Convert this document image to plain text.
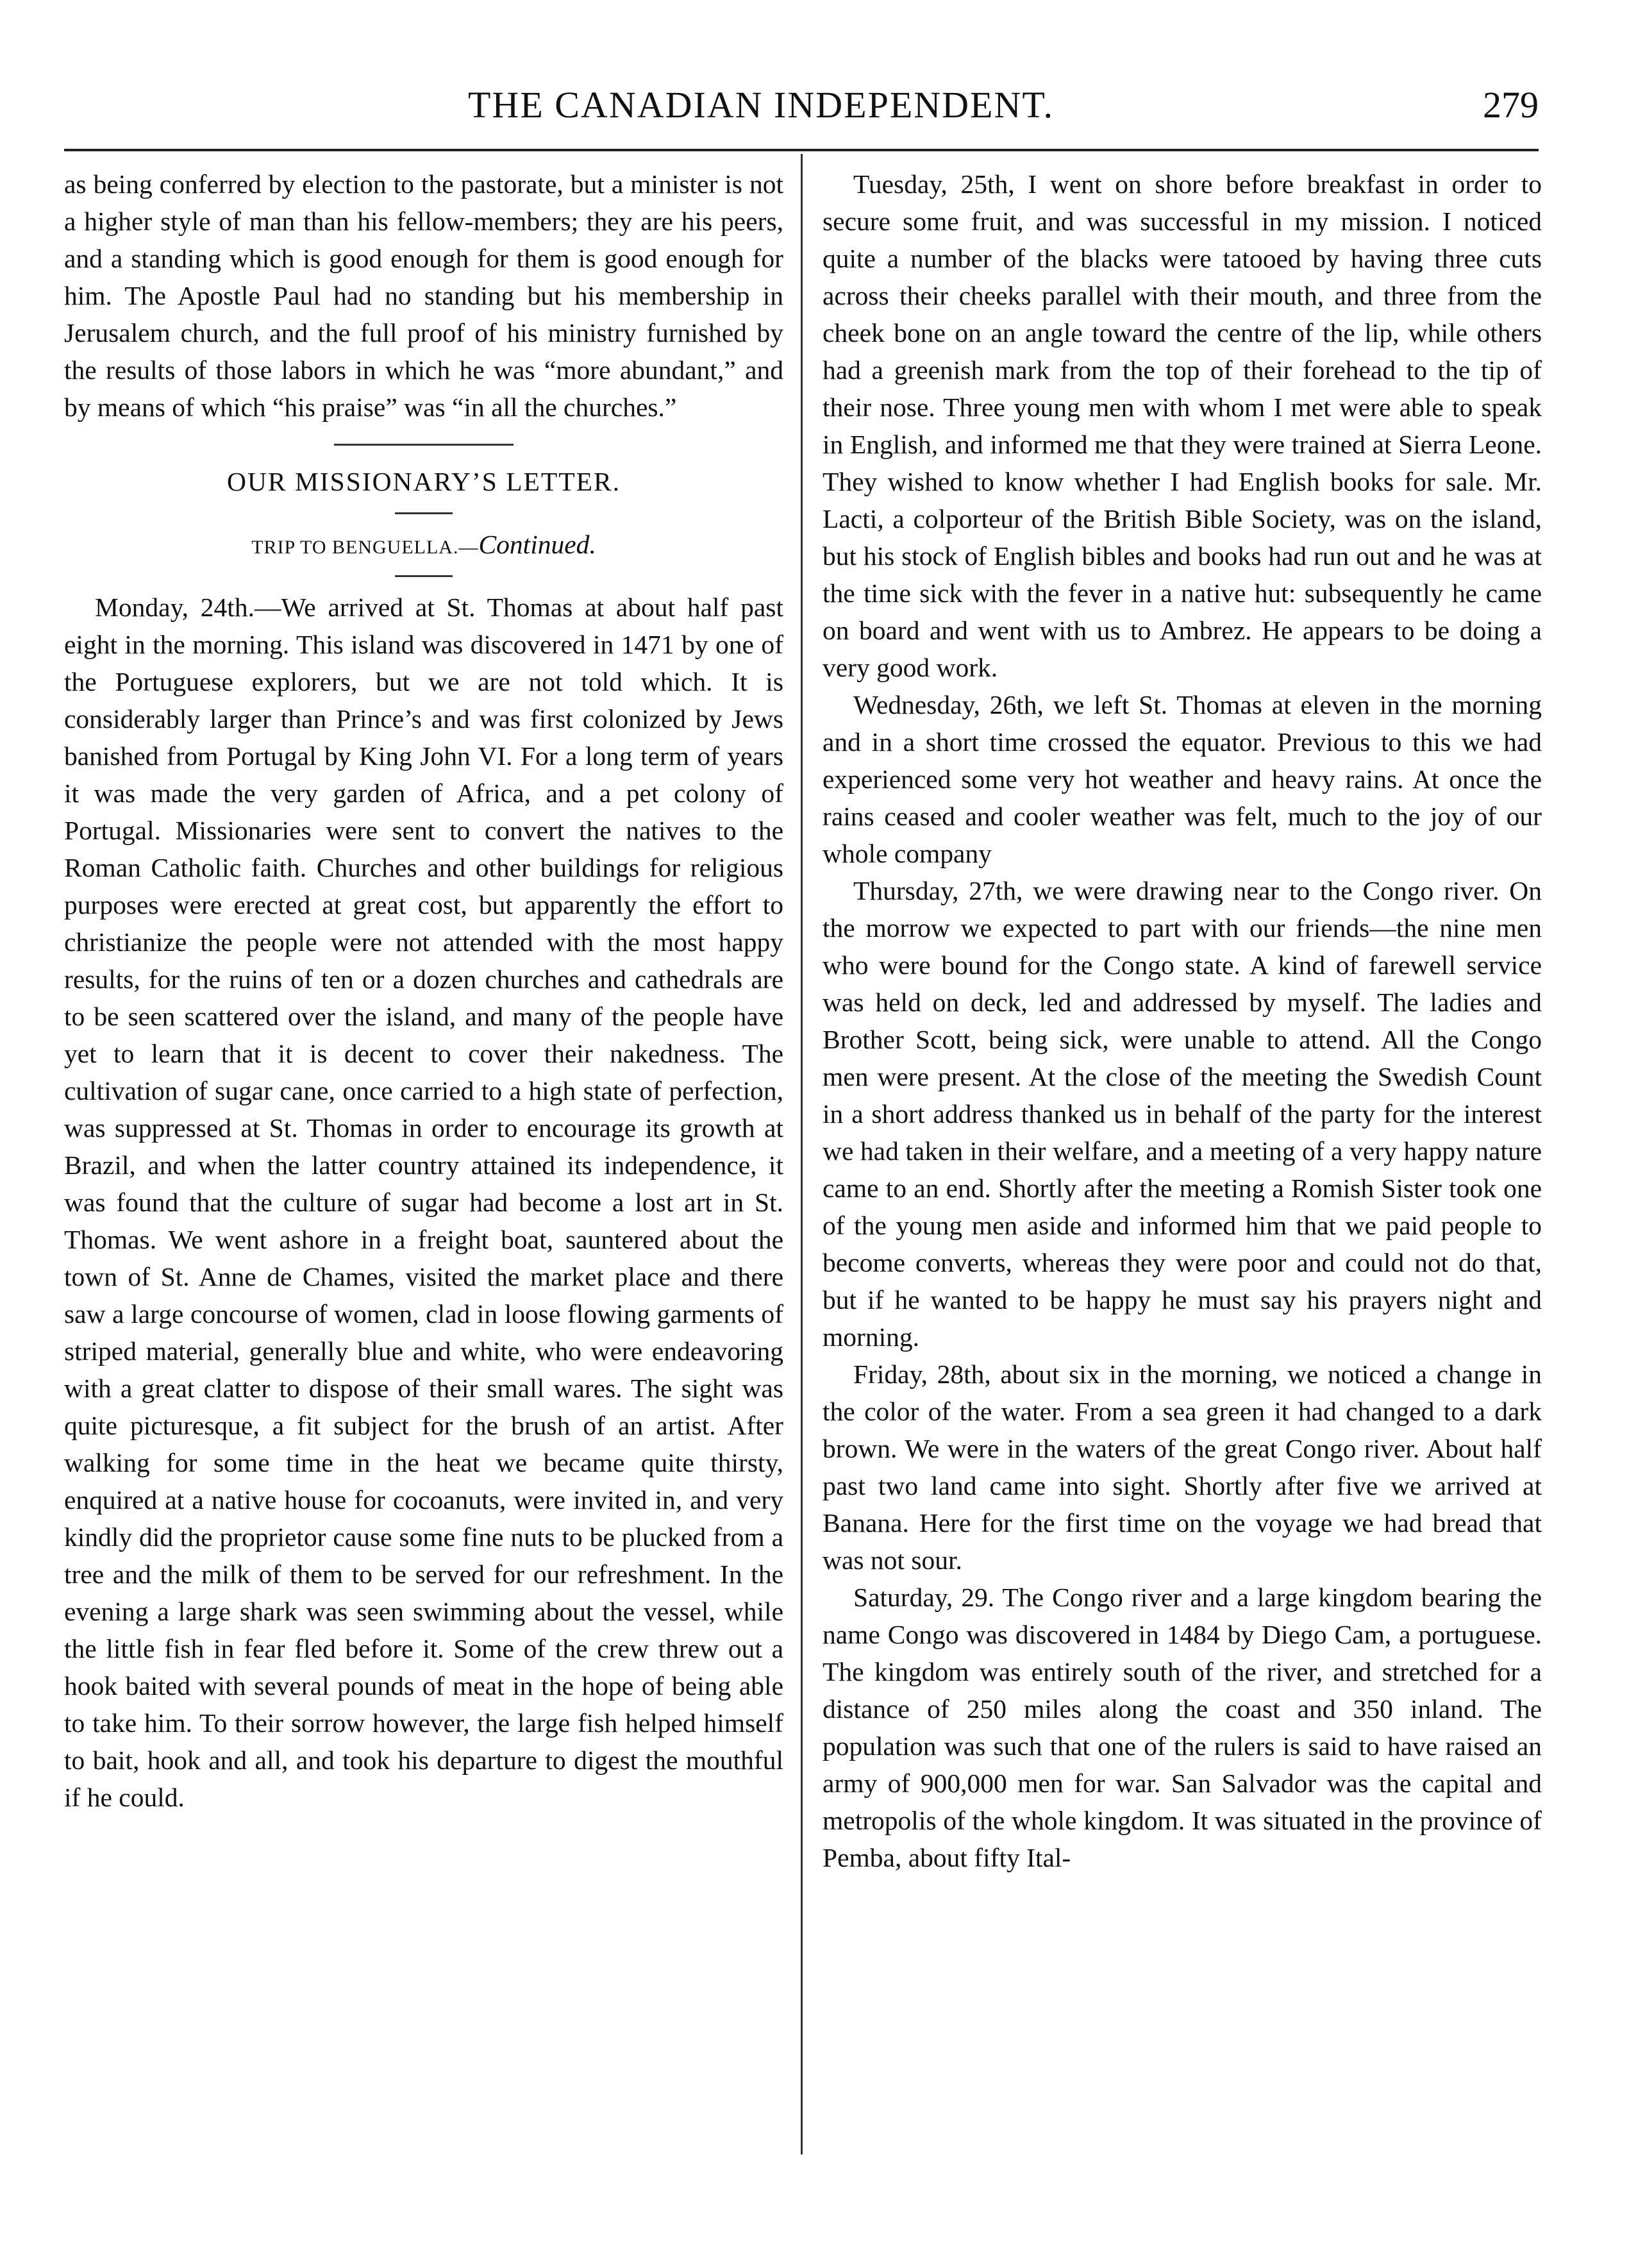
THE CANADIAN INDEPENDENT.	279

as being conferred by election to the pastorate, but a minister is not a higher style of man than his fellow-members; they are his peers, and a standing which is good enough for them is good enough for him. The Apostle Paul had no standing but his membership in Jerusalem church, and the full proof of his ministry furnished by the results of those labors in which he was “more abundant,” and by means of which “his praise” was “in all the churches.”

OUR MISSIONARY’S LETTER.

TRIP TO BENGUELLA.—Continued.

Monday, 24th.—We arrived at St. Thomas at about half past eight in the morning. This island was discovered in 1471 by one of the Portuguese explorers, but we are not told which. It is considerably larger than Prince’s and was first colonized by Jews banished from Portugal by King John VI. For a long term of years it was made the very garden of Africa, and a pet colony of Portugal. Missionaries were sent to convert the natives to the Roman Catholic faith. Churches and other buildings for religious purposes were erected at great cost, but apparently the effort to christianize the people were not attended with the most happy results, for the ruins of ten or a dozen churches and cathedrals are to be seen scattered over the island, and many of the people have yet to learn that it is decent to cover their nakedness. The cultivation of sugar cane, once carried to a high state of perfection, was suppressed at St. Thomas in order to encourage its growth at Brazil, and when the latter country attained its independence, it was found that the culture of sugar had become a lost art in St. Thomas. We went ashore in a freight boat, sauntered about the town of St. Anne de Chames, visited the market place and there saw a large concourse of women, clad in loose flowing garments of striped material, generally blue and white, who were endeavoring with a great clatter to dispose of their small wares. The sight was quite picturesque, a fit subject for the brush of an artist. After walking for some time in the heat we became quite thirsty, enquired at a native house for cocoanuts, were invited in, and very kindly did the proprietor cause some fine nuts to be plucked from a tree and the milk of them to be served for our refreshment. In the evening a large shark was seen swimming about the vessel, while the little fish in fear fled before it. Some of the crew threw out a hook baited with several pounds of meat in the hope of being able to take him. To their sorrow however, the large fish helped himself to bait, hook and all, and took his departure to digest the mouthful if he could.

Tuesday, 25th, I went on shore before breakfast in order to secure some fruit, and was successful in my mission. I noticed quite a number of the blacks were tatooed by having three cuts across their cheeks parallel with their mouth, and three from the cheek bone on an angle toward the centre of the lip, while others had a greenish mark from the top of their forehead to the tip of their nose. Three young men with whom I met were able to speak in English, and informed me that they were trained at Sierra Leone. They wished to know whether I had English books for sale. Mr. Lacti, a colporteur of the British Bible Society, was on the island, but his stock of English bibles and books had run out and he was at the time sick with the fever in a native hut: subsequently he came on board and went with us to Ambrez. He appears to be doing a very good work.

Wednesday, 26th, we left St. Thomas at eleven in the morning and in a short time crossed the equator. Previous to this we had experienced some very hot weather and heavy rains. At once the rains ceased and cooler weather was felt, much to the joy of our whole company

Thursday, 27th, we were drawing near to the Congo river. On the morrow we expected to part with our friends—the nine men who were bound for the Congo state. A kind of farewell service was held on deck, led and addressed by myself. The ladies and Brother Scott, being sick, were unable to attend. All the Congo men were present. At the close of the meeting the Swedish Count in a short address thanked us in behalf of the party for the interest we had taken in their welfare, and a meeting of a very happy nature came to an end. Shortly after the meeting a Romish Sister took one of the young men aside and informed him that we paid people to become converts, whereas they were poor and could not do that, but if he wanted to be happy he must say his prayers night and morning.

Friday, 28th, about six in the morning, we noticed a change in the color of the water. From a sea green it had changed to a dark brown. We were in the waters of the great Congo river. About half past two land came into sight. Shortly after five we arrived at Banana. Here for the first time on the voyage we had bread that was not sour.

Saturday, 29. The Congo river and a large kingdom bearing the name Congo was discovered in 1484 by Diego Cam, a portuguese. The kingdom was entirely south of the river, and stretched for a distance of 250 miles along the coast and 350 inland. The population was such that one of the rulers is said to have raised an army of 900,000 men for war. San Salvador was the capital and metropolis of the whole kingdom. It was situated in the province of Pemba, about fifty Ital-
